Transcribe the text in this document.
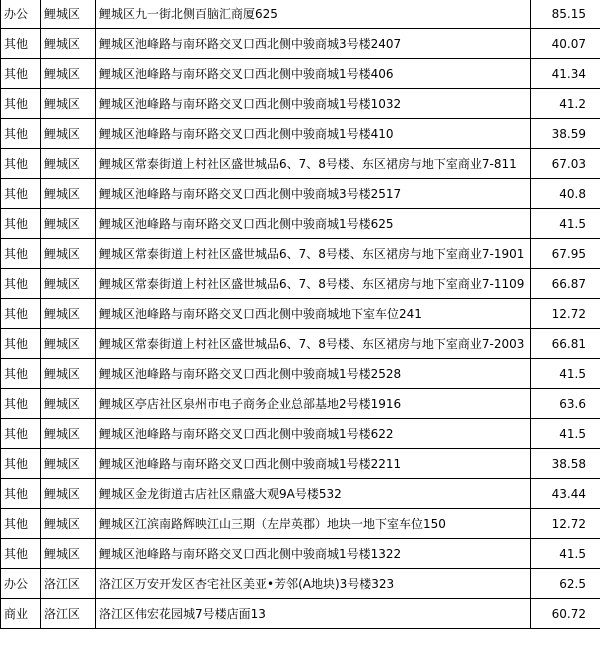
办公	鲤城区	鲤城区九一街北侧百脑汇商厦625	85.15
其他	鲤城区	鲤城区池峰路与南环路交叉口西北侧中骏商城3号楼2407	40.07
其他	鲤城区	鲤城区池峰路与南环路交叉口西北侧中骏商城1号楼406	41.34
其他	鲤城区	鲤城区池峰路与南环路交叉口西北侧中骏商城1号楼1032	41.2
其他	鲤城区	鲤城区池峰路与南环路交叉口西北侧中骏商城1号楼410	38.59
其他	鲤城区	鲤城区常泰街道上村社区盛世城品6、7、8号楼、东区裙房与地下室商业7-811	67.03
其他	鲤城区	鲤城区池峰路与南环路交叉口西北侧中骏商城3号楼2517	40.8
其他	鲤城区	鲤城区池峰路与南环路交叉口西北侧中骏商城1号楼625	41.5
其他	鲤城区	鲤城区常泰街道上村社区盛世城品6、7、8号楼、东区裙房与地下室商业7-1901	67.95
其他	鲤城区	鲤城区常泰街道上村社区盛世城品6、7、8号楼、东区裙房与地下室商业7-1109	66.87
其他	鲤城区	鲤城区池峰路与南环路交叉口西北侧中骏商城地下室车位241	12.72
其他	鲤城区	鲤城区常泰街道上村社区盛世城品6、7、8号楼、东区裙房与地下室商业7-2003	66.81
其他	鲤城区	鲤城区池峰路与南环路交叉口西北侧中骏商城1号楼2528	41.5
其他	鲤城区	鲤城区亭店社区泉州市电子商务企业总部基地2号楼1916	63.6
其他	鲤城区	鲤城区池峰路与南环路交叉口西北侧中骏商城1号楼622	41.5
其他	鲤城区	鲤城区池峰路与南环路交叉口西北侧中骏商城1号楼2211	38.58
其他	鲤城区	鲤城区金龙街道古店社区鼎盛大观9A号楼532	43.44
其他	鲤城区	鲤城区江滨南路辉映江山三期（左岸英郡）地块一地下室车位150	12.72
其他	鲤城区	鲤城区池峰路与南环路交叉口西北侧中骏商城1号楼1322	41.5
办公	洛江区	洛江区万安开发区杏宅社区美亚•芳邻(A地块)3号楼323	62.5
商业	洛江区	洛江区伟宏花园城7号楼店面13	60.72
